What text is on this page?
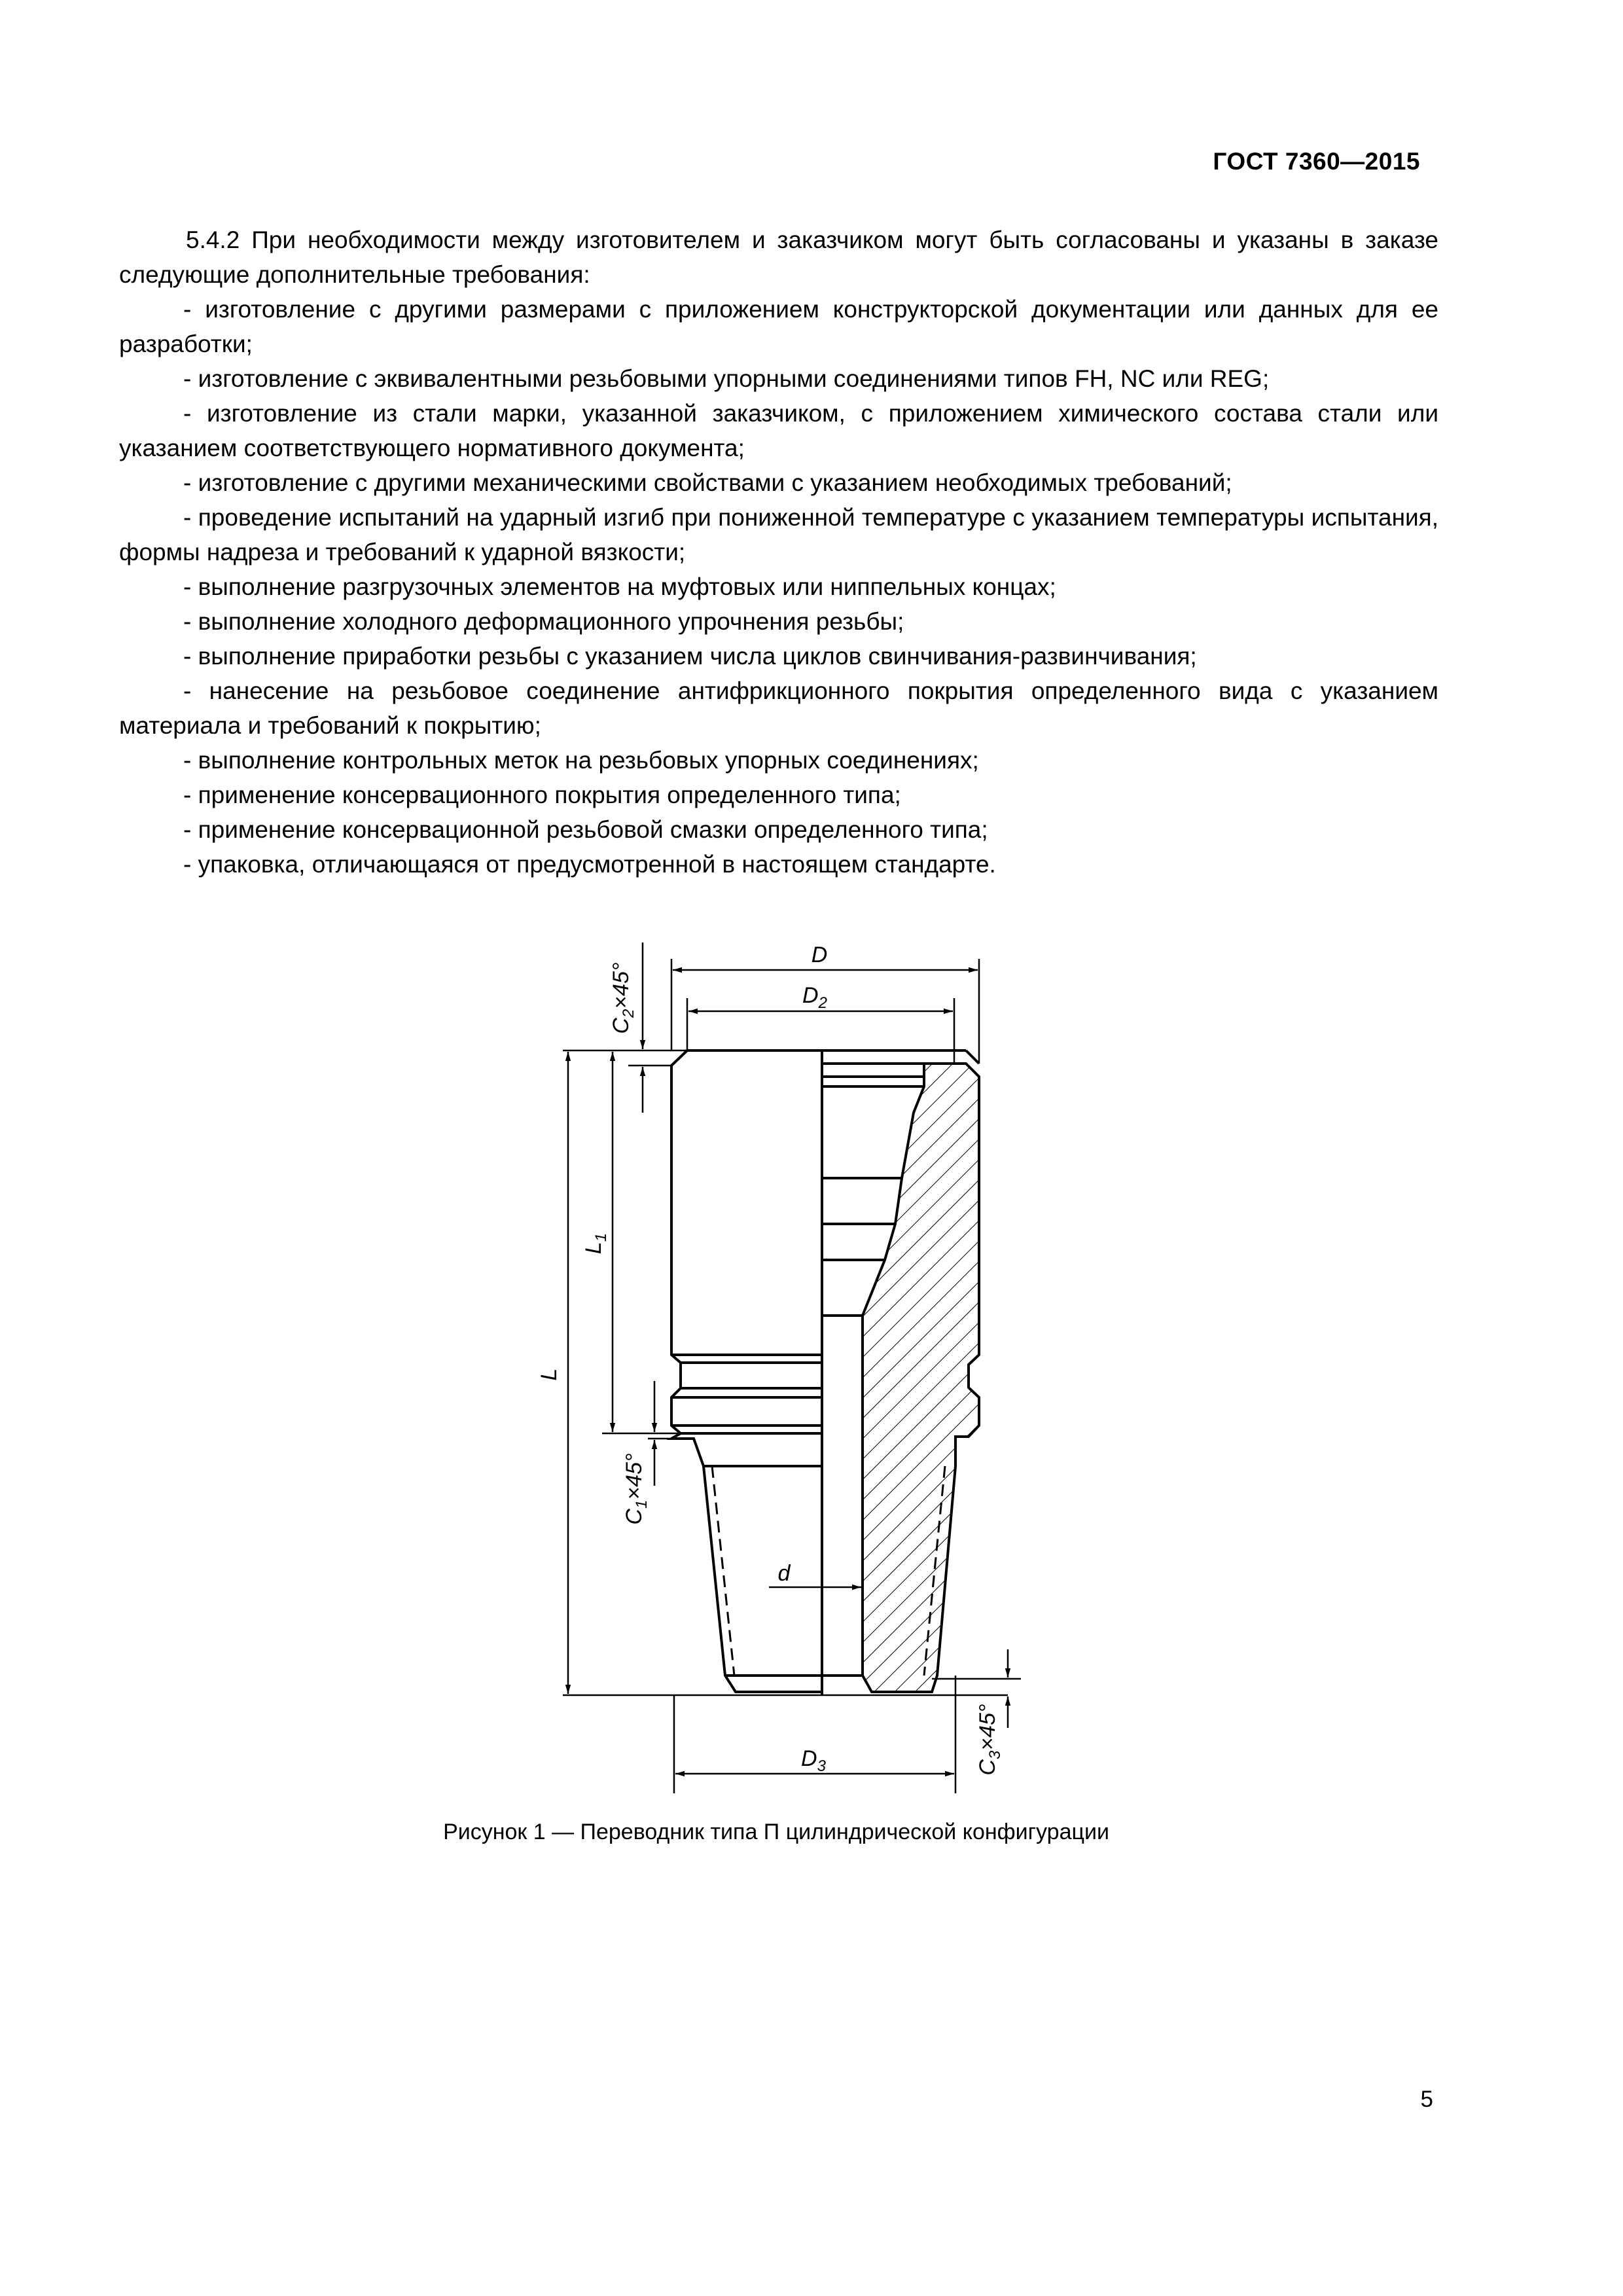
ГОСТ 7360—2015

5.4.2 При необходимости между изготовителем и заказчиком могут быть согласованы и указаны в заказе следующие дополнительные требования:

- изготовление с другими размерами с приложением конструкторской документации или данных для ее разработки;

- изготовление с эквивалентными резьбовыми упорными соединениями типов FH, NC или REG;

- изготовление из стали марки, указанной заказчиком, с приложением химического состава стали или указанием соответствующего нормативного документа;

- изготовление с другими механическими свойствами с указанием необходимых требований;

- проведение испытаний на ударный изгиб при пониженной температуре с указанием температуры испытания, формы надреза и требований к ударной вязкости;

- выполнение разгрузочных элементов на муфтовых или ниппельных концах;

- выполнение холодного деформационного упрочнения резьбы;

- выполнение приработки резьбы с указанием числа циклов свинчивания-развинчивания;

- нанесение на резьбовое соединение антифрикционного покрытия определенного вида с указанием материала и требований к покрытию;

- выполнение контрольных меток на резьбовых упорных соединениях;

- применение консервационного покрытия определенного типа;

- применение консервационной резьбовой смазки определенного типа;

- упаковка, отличающаяся от предусмотренной в настоящем стандарте.

D
$D_2$
$D_3$
d
L
$L_1$
$C_2\times 45^\circ$
$C_1\times 45^\circ$
$C_3\times 45^\circ$
Рисунок 1 — Переводник типа П цилиндрической конфигурации
5
